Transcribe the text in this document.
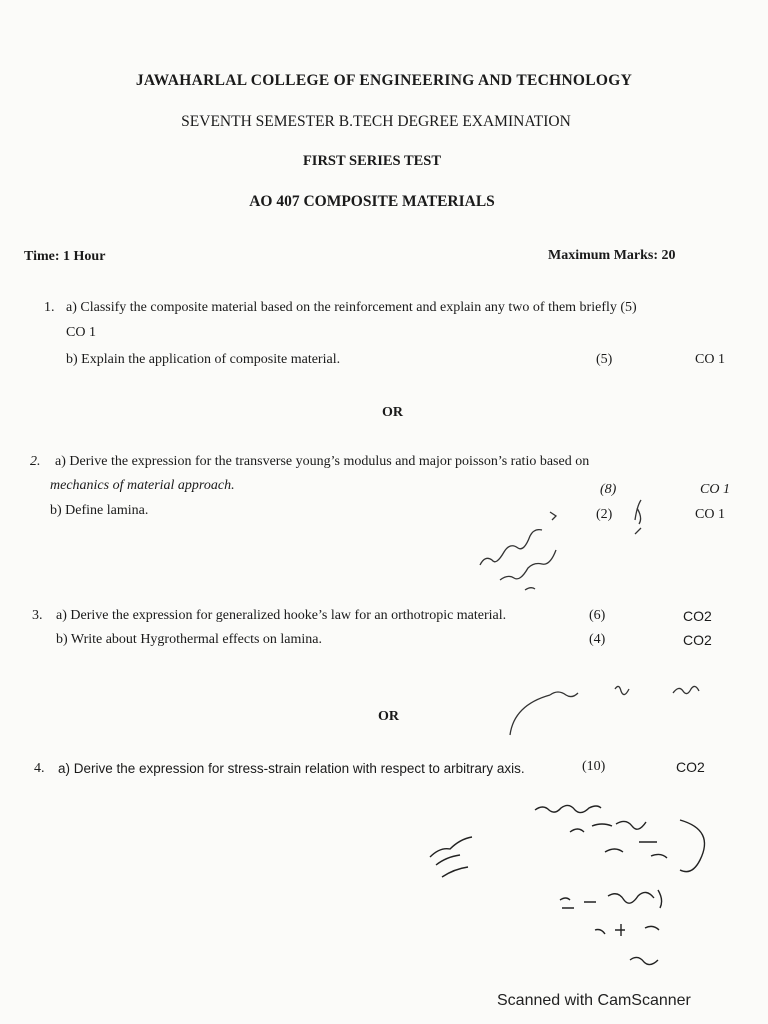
JAWAHARLAL COLLEGE OF ENGINEERING AND TECHNOLOGY
SEVENTH SEMESTER B.TECH DEGREE EXAMINATION
FIRST SERIES TEST
AO 407 COMPOSITE MATERIALS
Time: 1 Hour	Maximum Marks: 20
1. a) Classify the composite material based on the reinforcement and explain any two of them briefly (5)
CO 1
b) Explain the application of composite material.	(5)	CO 1
OR
2. a) Derive the expression for the transverse young’s modulus and major poisson’s ratio based on
mechanics of material approach.	(8)	CO 1
b) Define lamina.	(2)	CO 1
3. a) Derive the expression for generalized hooke’s law for an orthotropic material.	(6)	CO2
b) Write about Hygrothermal effects on lamina.	(4)	CO2
OR
4. a) Derive the expression for stress-strain relation with respect to arbitrary axis.	(10)	CO2
Scanned with CamScanner
